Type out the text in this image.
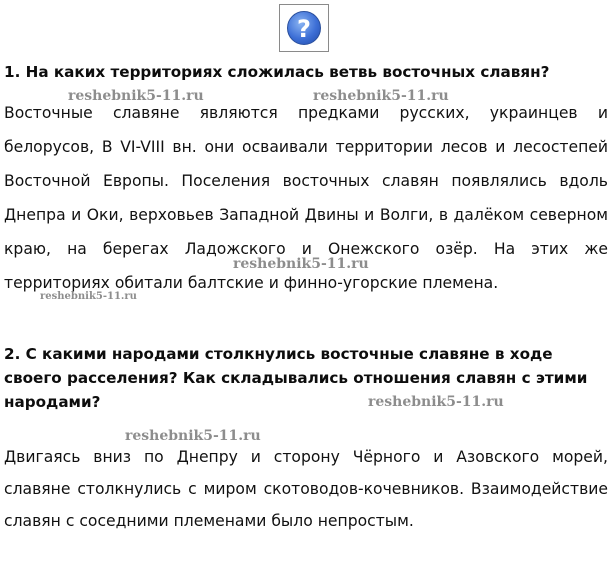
?
1. На каких территориях сложилась ветвь восточных славян?

Восточные славяне являются предками русских, украинцев и белорусов, В VI-VIII вн. они осваивали территории лесов и лесостепей Восточной Европы. Поселения восточных славян появлялись вдоль Днепра и Оки, верховьев Западной Двины и Волги, в далёком северном краю, на берегах Ладожского и Онежского озёр. На этих же территориях обитали балтские и финно-угорские племена.

2. С какими народами столкнулись восточные славяне в ходе своего расселения? Как складывались отношения славян с этими народами?

Двигаясь вниз по Днепру и сторону Чёрного и Азовского морей, славяне столкнулись с миром скотоводов-кочевников. Взаимодействие славян с соседними племенами было непростым.

reshebnik5-11.ru	reshebnik5-11.ru
reshebnik5-11.ru
reshebnik5-11.ru
reshebnik5-11.ru
reshebnik5-11.ru
